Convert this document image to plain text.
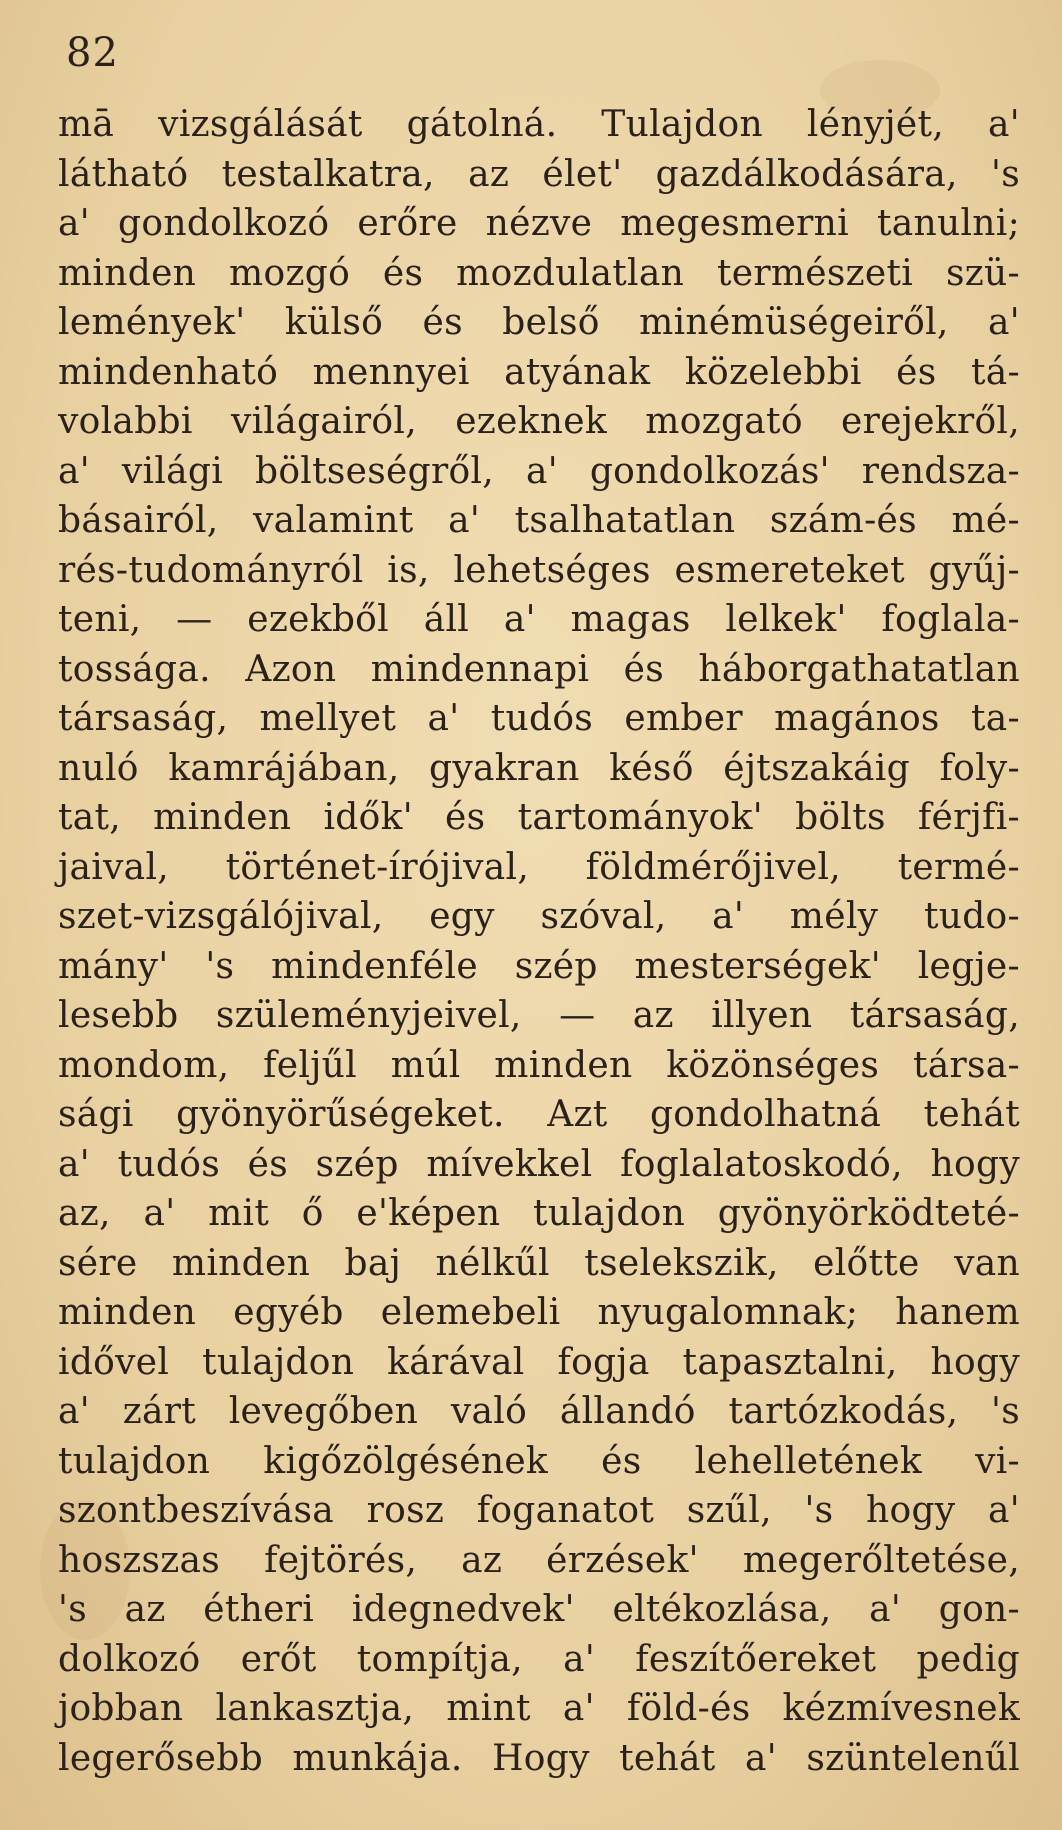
82
mā vizsgálását gátolná. Tulajdon lényjét, a'
látható testalkatra, az élet' gazdálkodására, 's
a' gondolkozó erőre nézve megesmerni tanulni;
minden mozgó és mozdulatlan természeti szü-
lemények' külső és belső minémüségeiről, a'
mindenható mennyei atyának közelebbi és tá-
volabbi világairól, ezeknek mozgató erejekről,
a' világi böltseségről, a' gondolkozás' rendsza-
básairól, valamint a' tsalhatatlan szám-és mé-
rés-tudományról is, lehetséges esmereteket gyűj-
teni, — ezekből áll a' magas lelkek' foglala-
tossága. Azon mindennapi és háborgathatatlan
társaság, mellyet a' tudós ember magános ta-
nuló kamrájában, gyakran késő éjtszakáig foly-
tat, minden idők' és tartományok' bölts férjfi-
jaival, történet-írójival, földmérőjivel, termé-
szet-vizsgálójival, egy szóval, a' mély tudo-
mány' 's mindenféle szép mesterségek' legje-
lesebb szüleményjeivel, — az illyen társaság,
mondom, feljűl múl minden közönséges társa-
sági gyönyörűségeket. Azt gondolhatná tehát
a' tudós és szép mívekkel foglalatoskodó, hogy
az, a' mit ő e'képen tulajdon gyönyörködteté-
sére minden baj nélkűl tselekszik, előtte van
minden egyéb elemebeli nyugalomnak; hanem
idővel tulajdon kárával fogja tapasztalni, hogy
a' zárt levegőben való állandó tartózkodás, 's
tulajdon kigőzölgésének és lehelletének vi-
szontbeszívása rosz foganatot szűl, 's hogy a'
hoszszas fejtörés, az érzések' megerőltetése,
's az étheri idegnedvek' eltékozlása, a' gon-
dolkozó erőt tompítja, a' feszítőereket pedig
jobban lankasztja, mint a' föld-és kézmívesnek
legerősebb munkája. Hogy tehát a' szüntelenűl
